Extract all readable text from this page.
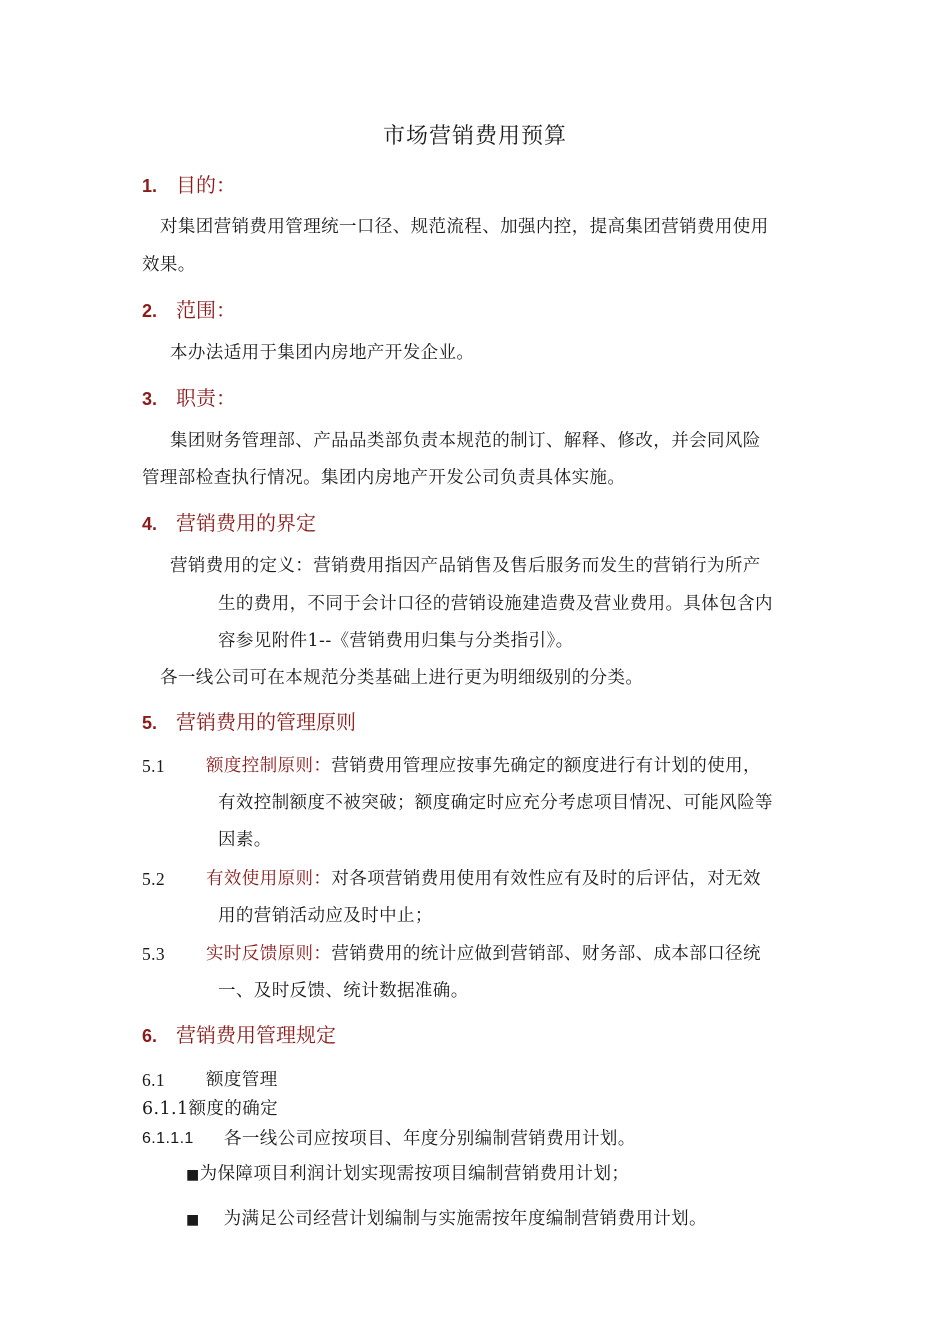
市场营销费用预算
1. 目的：
对集团营销费用管理统一口径、规范流程、加强内控，提高集团营销费用使用
效果。
2. 范围：
本办法适用于集团内房地产开发企业。
3. 职责：
集团财务管理部、产品品类部负责本规范的制订、解释、修改，并会同风险
管理部检查执行情况。集团内房地产开发公司负责具体实施。
4. 营销费用的界定
营销费用的定义：营销费用指因产品销售及售后服务而发生的营销行为所产
生的费用，不同于会计口径的营销设施建造费及营业费用。具体包含内
容参见附件1--《营销费用归集与分类指引》。
各一线公司可在本规范分类基础上进行更为明细级别的分类。
5. 营销费用的管理原则
5.1 额度控制原则：营销费用管理应按事先确定的额度进行有计划的使用，
有效控制额度不被突破；额度确定时应充分考虑项目情况、可能风险等
因素。
5.2 有效使用原则：对各项营销费用使用有效性应有及时的后评估，对无效
用的营销活动应及时中止；
5.3 实时反馈原则：营销费用的统计应做到营销部、财务部、成本部口径统
一、及时反馈、统计数据准确。
6. 营销费用管理规定
6.1 额度管理
6.1.1额度的确定
6.1.1.1 各一线公司应按项目、年度分别编制营销费用计划。
■为保障项目利润计划实现需按项目编制营销费用计划；
■ 为满足公司经营计划编制与实施需按年度编制营销费用计划。
